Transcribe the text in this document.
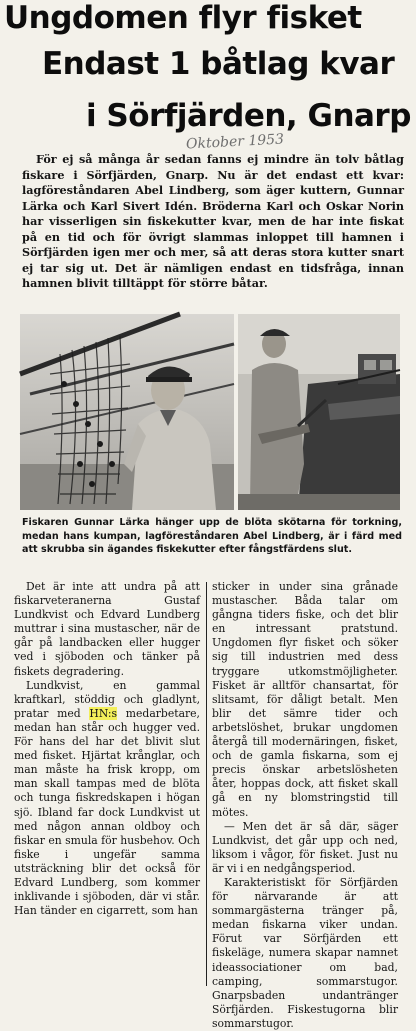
Ungdomen flyr fisket
Endast 1 båtlag kvar
i Sörfjärden, Gnarp
Oktober 1953

För ej så många år sedan fanns ej mindre än tolv båtlag fiskare i Sörfjärden, Gnarp. Nu är det endast ett kvar: lagföreståndaren Abel Lindberg, som äger kuttern, Gunnar Lärka och Karl Sivert Idén. Bröderna Karl och Oskar Norin har visserligen sin fiskekutter kvar, men de har inte fiskat på en tid och för övrigt slammas inloppet till hamnen i Sörfjärden igen mer och mer, så att deras stora kutter snart ej tar sig ut. Det är nämligen endast en tidsfråga, innan hamnen blivit tilltäppt för större båtar.

Fiskaren Gunnar Lärka hänger upp de blöta skötarna för torkning, medan hans kumpan, lagföreståndaren Abel Lindberg, är i färd med att skrubba sin ägandes fiskekutter efter fångstfärdens slut.

Det är inte att undra på att fiskarveteranerna Gustaf Lundkvist och Edvard Lundberg muttrar i sina mustascher, när de går på landbacken eller hugger ved i sjöboden och tänker på fiskets degradering.

Lundkvist, en gammal kraftkarl, stöddig och gladlynt, pratar med HN:s medarbetare, medan han står och hugger ved. För hans del har det blivit slut med fisket. Hjärtat krånglar, och man måste ha frisk kropp, om man skall tampas med de blöta och tunga fiskredskapen i högan sjö. Ibland far dock Lundkvist ut med någon annan oldboy och fiskar en smula för husbehov. Och fiske i ungefär samma utsträckning blir det också för Edvard Lundberg, som kommer inklivande i sjöboden, där vi står. Han tänder en cigarrett, som han

sticker in under sina grånade mustascher. Båda talar om gångna tiders fiske, och det blir en intressant pratstund. Ungdomen flyr fisket och söker sig till industrien med dess tryggare utkomstmöjligheter. Fisket är alltför chansartat, för slitsamt, för dåligt betalt. Men blir det sämre tider och arbetslöshet, brukar ungdomen återgå till modernäringen, fisket, och de gamla fiskarna, som ej precis önskar arbetslösheten åter, hoppas dock, att fisket skall gå en ny blomstringstid till mötes.

— Men det är så där, säger Lundkvist, det går upp och ned, liksom i vågor, för fisket. Just nu är vi i en nedgångsperiod.

Karakteristiskt för Sörfjärden för närvarande är att sommargästerna tränger på, medan fiskarna viker undan. Förut var Sörfjärden ett fiskeläge, numera skapar namnet ideassociationer om bad, camping, sommarstugor. Gnarpsbaden undantränger Sörfjärden. Fiskestugorna blir sommarstugor.
